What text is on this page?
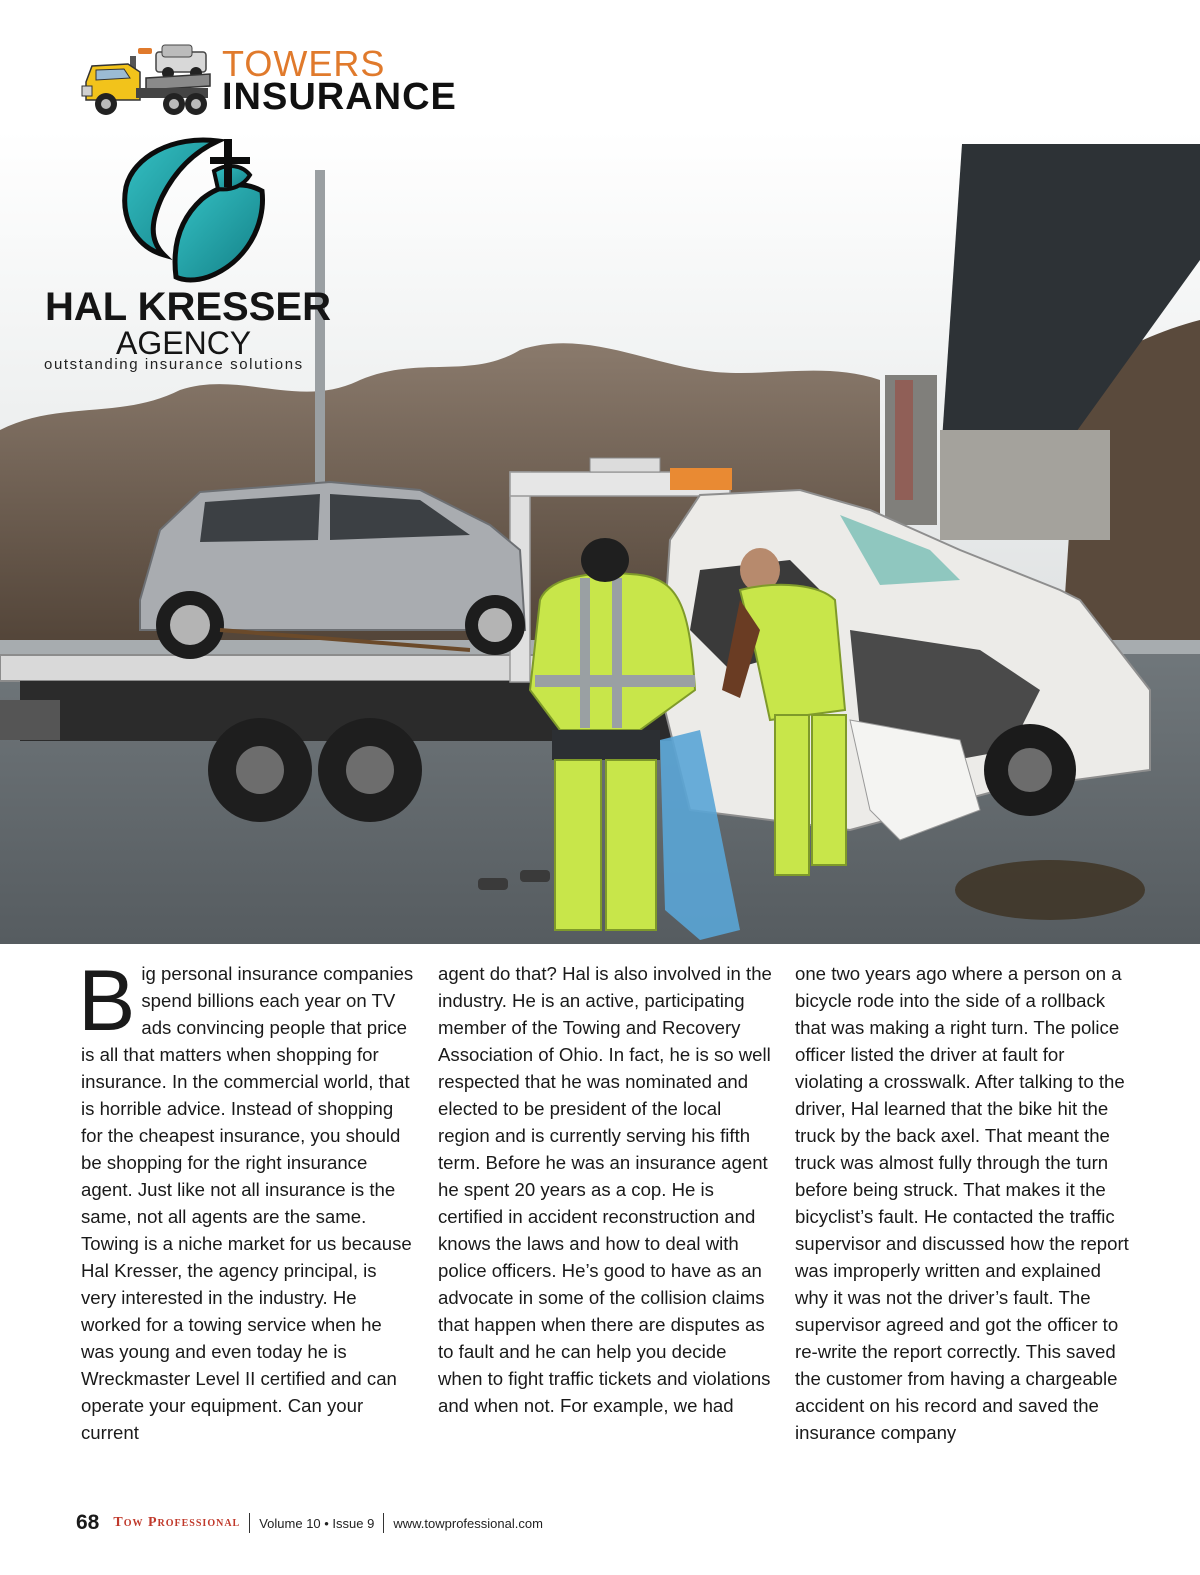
TOWERS
INSURANCE
HAL KRESSER
AGENCY
outstanding insurance solutions
Big personal insurance companies spend billions each year on TV ads convincing people that price is all that matters when shopping for insurance. In the commercial world, that is horrible advice. Instead of shopping for the cheapest insurance, you should be shopping for the right insurance agent. Just like not all insurance is the same, not all agents are the same. Towing is a niche market for us because Hal Kresser, the agency principal, is very interested in the industry. He worked for a towing service when he was young and even today he is Wreckmaster Level II certified and can operate your equipment. Can your current
agent do that? Hal is also involved in the industry. He is an active, participating member of the Towing and Recovery Association of Ohio. In fact, he is so well respected that he was nominated and elected to be president of the local region and is currently serving his fifth term. Before he was an insurance agent he spent 20 years as a cop. He is certified in accident reconstruction and knows the laws and how to deal with police officers. He’s good to have as an advocate in some of the collision claims that happen when there are disputes as to fault and he can help you decide when to fight traffic tickets and violations and when not. For example, we had
one two years ago where a person on a bicycle rode into the side of a rollback that was making a right turn. The police officer listed the driver at fault for violating a crosswalk. After talking to the driver, Hal learned that the bike hit the truck by the back axel. That meant the truck was almost fully through the turn before being struck. That makes it the bicyclist’s fault. He contacted the traffic supervisor and discussed how the report was improperly written and explained why it was not the driver’s fault. The supervisor agreed and got the officer to re-write the report correctly. This saved the customer from having a chargeable accident on his record and saved the insurance company
68 Tow Professional Volume 10 • Issue 9 www.towprofessional.com
